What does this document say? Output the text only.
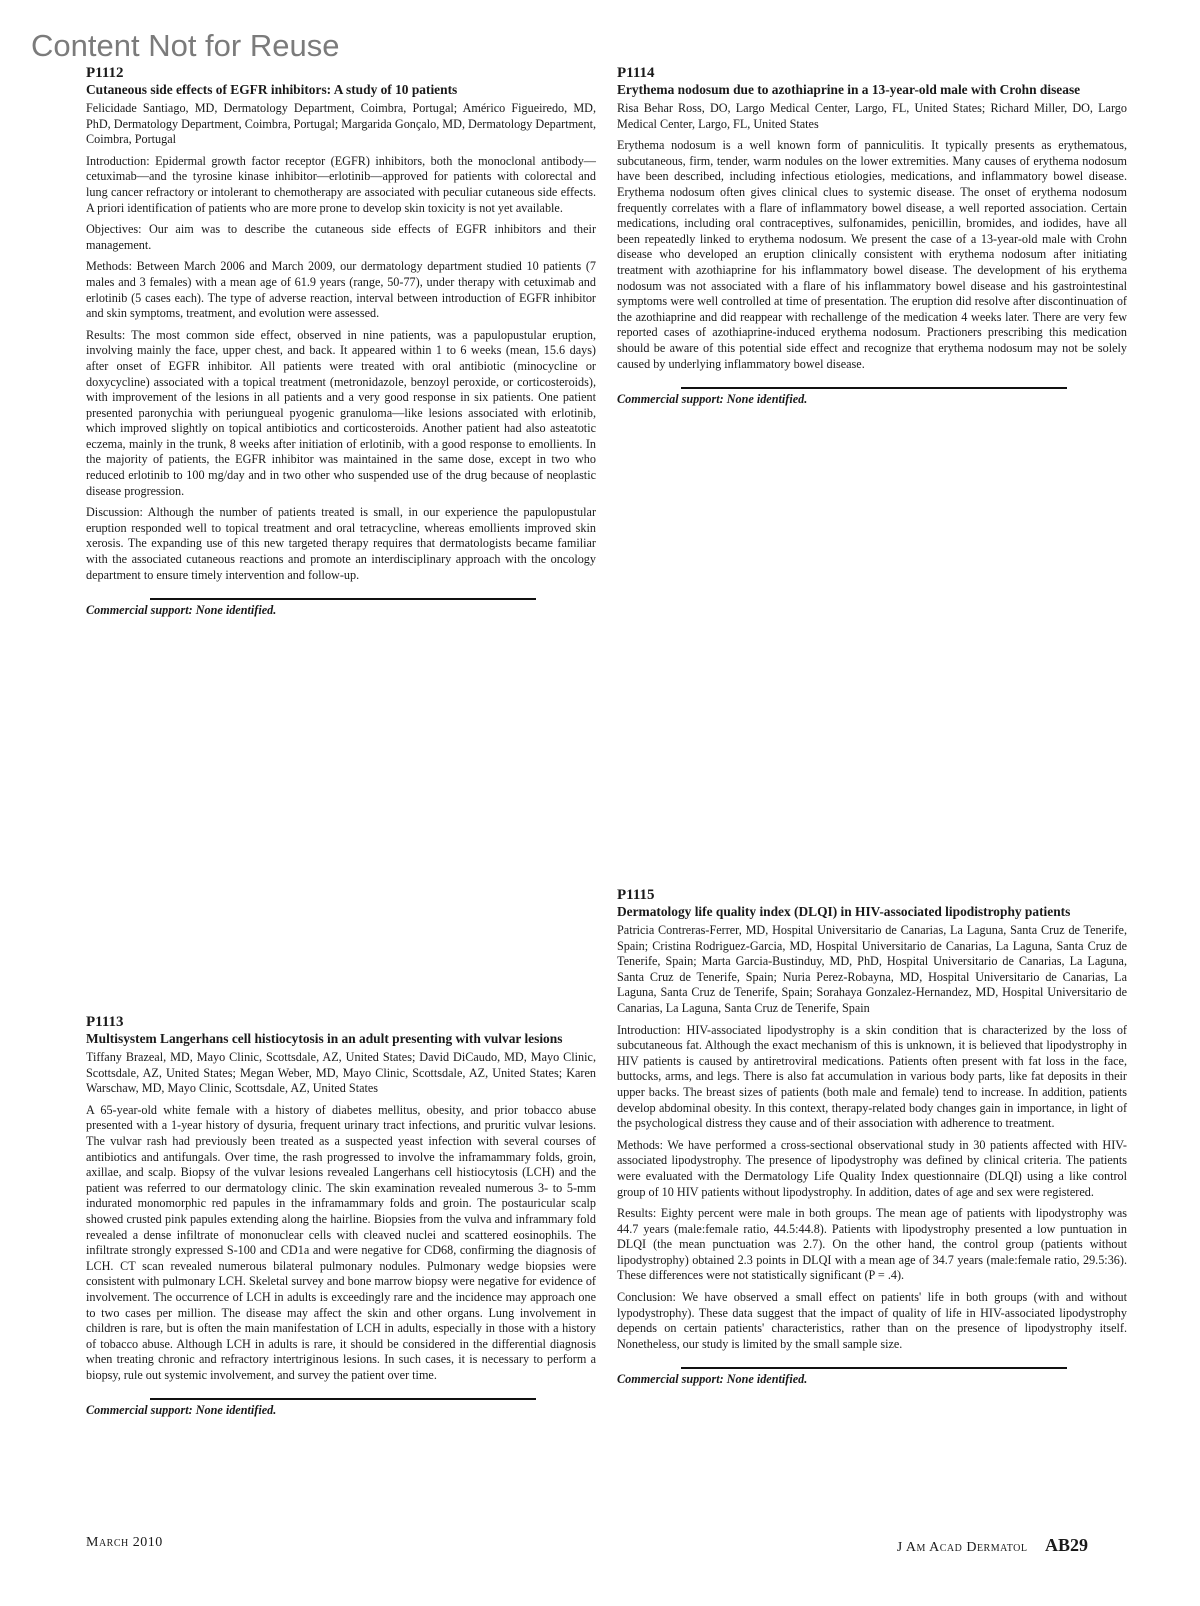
Content Not for Reuse
P1112
Cutaneous side effects of EGFR inhibitors: A study of 10 patients
Felicidade Santiago, MD, Dermatology Department, Coimbra, Portugal; Américo Figueiredo, MD, PhD, Dermatology Department, Coimbra, Portugal; Margarida Gonçalo, MD, Dermatology Department, Coimbra, Portugal

Introduction: Epidermal growth factor receptor (EGFR) inhibitors, both the monoclonal antibody—cetuximab—and the tyrosine kinase inhibitor—erlotinib—approved for patients with colorectal and lung cancer refractory or intolerant to chemotherapy are associated with peculiar cutaneous side effects. A priori identification of patients who are more prone to develop skin toxicity is not yet available.

Objectives: Our aim was to describe the cutaneous side effects of EGFR inhibitors and their management.

Methods: Between March 2006 and March 2009, our dermatology department studied 10 patients (7 males and 3 females) with a mean age of 61.9 years (range, 50-77), under therapy with cetuximab and erlotinib (5 cases each). The type of adverse reaction, interval between introduction of EGFR inhibitor and skin symptoms, treatment, and evolution were assessed.

Results: The most common side effect, observed in nine patients, was a papulopustular eruption, involving mainly the face, upper chest, and back. It appeared within 1 to 6 weeks (mean, 15.6 days) after onset of EGFR inhibitor. All patients were treated with oral antibiotic (minocycline or doxycycline) associated with a topical treatment (metronidazole, benzoyl peroxide, or corticosteroids), with improvement of the lesions in all patients and a very good response in six patients. One patient presented paronychia with periungueal pyogenic granuloma—like lesions associated with erlotinib, which improved slightly on topical antibiotics and corticosteroids. Another patient had also asteatotic eczema, mainly in the trunk, 8 weeks after initiation of erlotinib, with a good response to emollients. In the majority of patients, the EGFR inhibitor was maintained in the same dose, except in two who reduced erlotinib to 100 mg/day and in two other who suspended use of the drug because of neoplastic disease progression.

Discussion: Although the number of patients treated is small, in our experience the papulopustular eruption responded well to topical treatment and oral tetracycline, whereas emollients improved skin xerosis. The expanding use of this new targeted therapy requires that dermatologists became familiar with the associated cutaneous reactions and promote an interdisciplinary approach with the oncology department to ensure timely intervention and follow-up.

Commercial support: None identified.
P1113
Multisystem Langerhans cell histiocytosis in an adult presenting with vulvar lesions
Tiffany Brazeal, MD, Mayo Clinic, Scottsdale, AZ, United States; David DiCaudo, MD, Mayo Clinic, Scottsdale, AZ, United States; Megan Weber, MD, Mayo Clinic, Scottsdale, AZ, United States; Karen Warschaw, MD, Mayo Clinic, Scottsdale, AZ, United States

A 65-year-old white female with a history of diabetes mellitus, obesity, and prior tobacco abuse presented with a 1-year history of dysuria, frequent urinary tract infections, and pruritic vulvar lesions. The vulvar rash had previously been treated as a suspected yeast infection with several courses of antibiotics and antifungals. Over time, the rash progressed to involve the inframammary folds, groin, axillae, and scalp. Biopsy of the vulvar lesions revealed Langerhans cell histiocytosis (LCH) and the patient was referred to our dermatology clinic. The skin examination revealed numerous 3- to 5-mm indurated monomorphic red papules in the inframammary folds and groin. The postauricular scalp showed crusted pink papules extending along the hairline. Biopsies from the vulva and inframmary fold revealed a dense infiltrate of mononuclear cells with cleaved nuclei and scattered eosinophils. The infiltrate strongly expressed S-100 and CD1a and were negative for CD68, confirming the diagnosis of LCH. CT scan revealed numerous bilateral pulmonary nodules. Pulmonary wedge biopsies were consistent with pulmonary LCH. Skeletal survey and bone marrow biopsy were negative for evidence of involvement. The occurrence of LCH in adults is exceedingly rare and the incidence may approach one to two cases per million. The disease may affect the skin and other organs. Lung involvement in children is rare, but is often the main manifestation of LCH in adults, especially in those with a history of tobacco abuse. Although LCH in adults is rare, it should be considered in the differential diagnosis when treating chronic and refractory intertriginous lesions. In such cases, it is necessary to perform a biopsy, rule out systemic involvement, and survey the patient over time.

Commercial support: None identified.
P1114
Erythema nodosum due to azothiaprine in a 13-year-old male with Crohn disease
Risa Behar Ross, DO, Largo Medical Center, Largo, FL, United States; Richard Miller, DO, Largo Medical Center, Largo, FL, United States

Erythema nodosum is a well known form of panniculitis. It typically presents as erythematous, subcutaneous, firm, tender, warm nodules on the lower extremities. Many causes of erythema nodosum have been described, including infectious etiologies, medications, and inflammatory bowel disease. Erythema nodosum often gives clinical clues to systemic disease. The onset of erythema nodosum frequently correlates with a flare of inflammatory bowel disease, a well reported association. Certain medications, including oral contraceptives, sulfonamides, penicillin, bromides, and iodides, have all been repeatedly linked to erythema nodosum. We present the case of a 13-year-old male with Crohn disease who developed an eruption clinically consistent with erythema nodosum after initiating treatment with azothiaprine for his inflammatory bowel disease. The development of his erythema nodosum was not associated with a flare of his inflammatory bowel disease and his gastrointestinal symptoms were well controlled at time of presentation. The eruption did resolve after discontinuation of the azothiaprine and did reappear with rechallenge of the medication 4 weeks later. There are very few reported cases of azothiaprine-induced erythema nodosum. Practioners prescribing this medication should be aware of this potential side effect and recognize that erythema nodosum may not be solely caused by underlying inflammatory bowel disease.

Commercial support: None identified.
P1115
Dermatology life quality index (DLQI) in HIV-associated lipodistrophy patients
Patricia Contreras-Ferrer, MD, Hospital Universitario de Canarias, La Laguna, Santa Cruz de Tenerife, Spain; Cristina Rodriguez-Garcia, MD, Hospital Universitario de Canarias, La Laguna, Santa Cruz de Tenerife, Spain; Marta Garcia-Bustinduy, MD, PhD, Hospital Universitario de Canarias, La Laguna, Santa Cruz de Tenerife, Spain; Nuria Perez-Robayna, MD, Hospital Universitario de Canarias, La Laguna, Santa Cruz de Tenerife, Spain; Sorahaya Gonzalez-Hernandez, MD, Hospital Universitario de Canarias, La Laguna, Santa Cruz de Tenerife, Spain

Introduction: HIV-associated lipodystrophy is a skin condition that is characterized by the loss of subcutaneous fat. Although the exact mechanism of this is unknown, it is believed that lipodystrophy in HIV patients is caused by antiretroviral medications. Patients often present with fat loss in the face, buttocks, arms, and legs. There is also fat accumulation in various body parts, like fat deposits in their upper backs. The breast sizes of patients (both male and female) tend to increase. In addition, patients develop abdominal obesity. In this context, therapy-related body changes gain in importance, in light of the psychological distress they cause and of their association with adherence to treatment.

Methods: We have performed a cross-sectional observational study in 30 patients affected with HIV-associated lipodystrophy. The presence of lipodystrophy was defined by clinical criteria. The patients were evaluated with the Dermatology Life Quality Index questionnaire (DLQI) using a like control group of 10 HIV patients without lipodystrophy. In addition, dates of age and sex were registered.

Results: Eighty percent were male in both groups. The mean age of patients with lipodystrophy was 44.7 years (male:female ratio, 44.5:44.8). Patients with lipodystrophy presented a low puntuation in DLQI (the mean punctuation was 2.7). On the other hand, the control group (patients without lipodystrophy) obtained 2.3 points in DLQI with a mean age of 34.7 years (male:female ratio, 29.5:36). These differences were not statistically significant (P = .4).

Conclusion: We have observed a small effect on patients' life in both groups (with and without lypodystrophy). These data suggest that the impact of quality of life in HIV-associated lipodystrophy depends on certain patients' characteristics, rather than on the presence of lipodystrophy itself. Nonetheless, our study is limited by the small sample size.

Commercial support: None identified.
March 2010	J Am Acad Dermatol AB29
